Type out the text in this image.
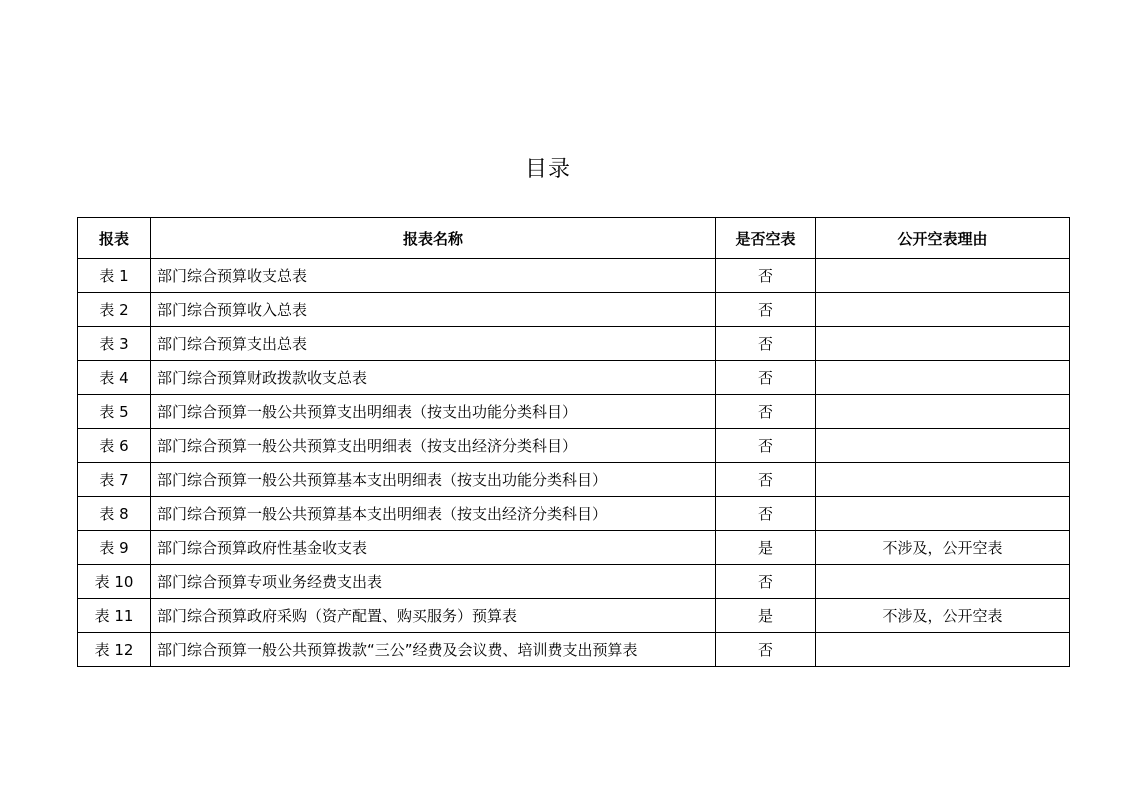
目录
报表	报表名称	是否空表	公开空表理由
表 1	部门综合预算收支总表	否	
表 2	部门综合预算收入总表	否	
表 3	部门综合预算支出总表	否	
表 4	部门综合预算财政拨款收支总表	否	
表 5	部门综合预算一般公共预算支出明细表（按支出功能分类科目）	否	
表 6	部门综合预算一般公共预算支出明细表（按支出经济分类科目）	否	
表 7	部门综合预算一般公共预算基本支出明细表（按支出功能分类科目）	否	
表 8	部门综合预算一般公共预算基本支出明细表（按支出经济分类科目）	否	
表 9	部门综合预算政府性基金收支表	是	不涉及，公开空表
表 10	部门综合预算专项业务经费支出表	否	
表 11	部门综合预算政府采购（资产配置、购买服务）预算表	是	不涉及，公开空表
表 12	部门综合预算一般公共预算拨款“三公”经费及会议费、培训费支出预算表	否	
